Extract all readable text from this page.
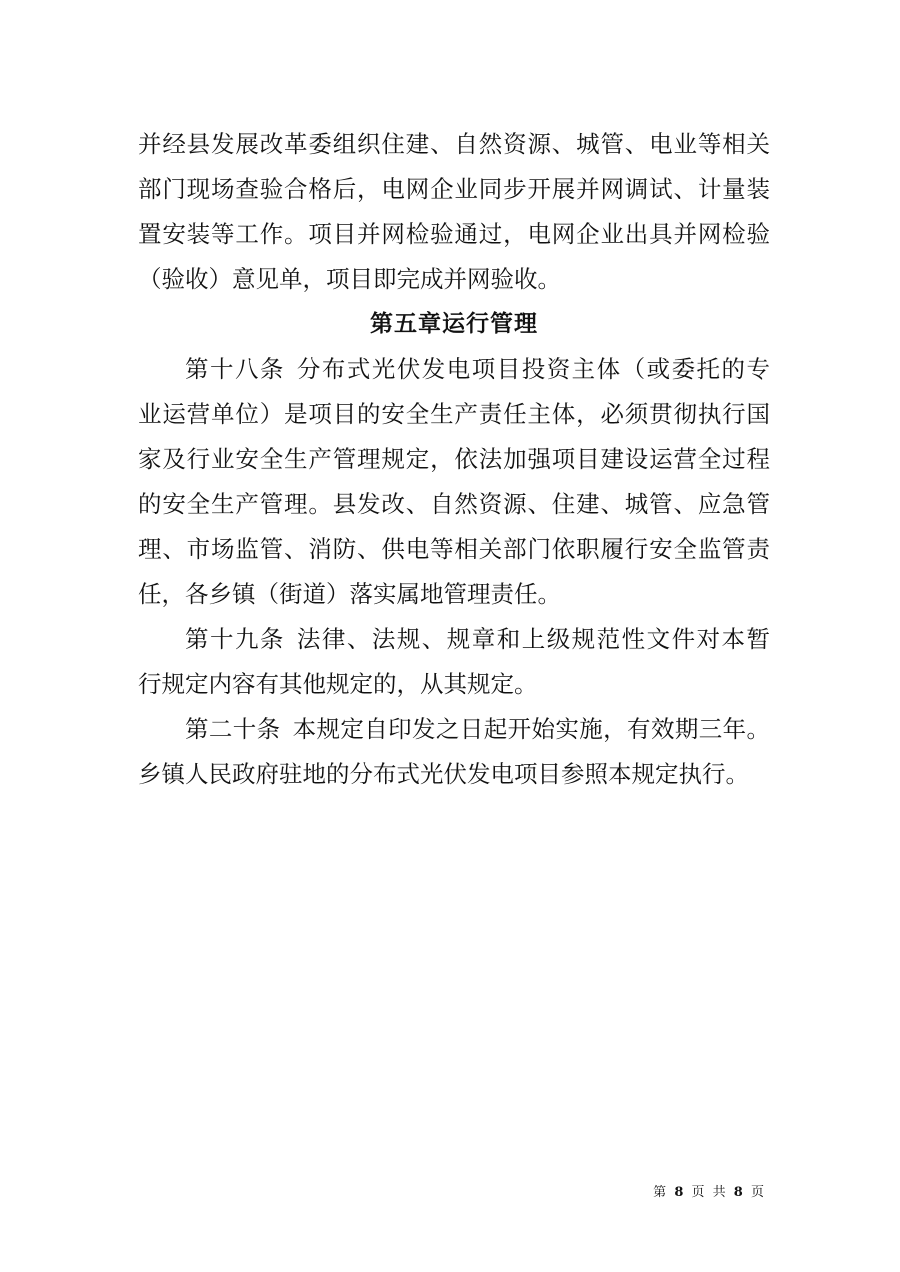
并经县发展改革委组织住建、自然资源、城管、电业等相关
部门现场查验合格后，电网企业同步开展并网调试、计量装
置安装等工作。项目并网检验通过，电网企业出具并网检验
（验收）意见单，项目即完成并网验收。
第五章运行管理
第十八条 分布式光伏发电项目投资主体（或委托的专
业运营单位）是项目的安全生产责任主体，必须贯彻执行国
家及行业安全生产管理规定，依法加强项目建设运营全过程
的安全生产管理。县发改、自然资源、住建、城管、应急管
理、市场监管、消防、供电等相关部门依职履行安全监管责
任，各乡镇（街道）落实属地管理责任。
第十九条 法律、法规、规章和上级规范性文件对本暂
行规定内容有其他规定的，从其规定。
第二十条 本规定自印发之日起开始实施，有效期三年。
乡镇人民政府驻地的分布式光伏发电项目参照本规定执行。
第 8 页 共 8 页
